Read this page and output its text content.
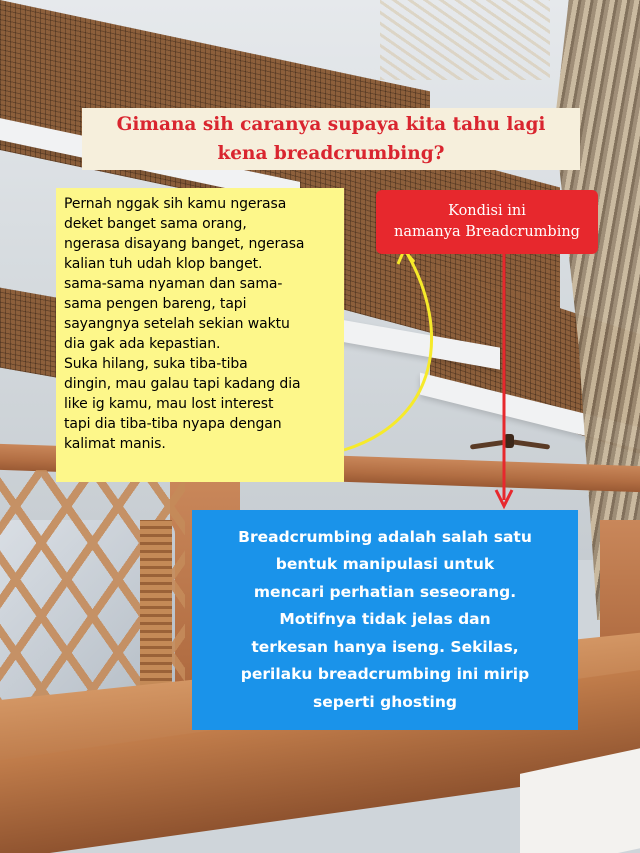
Gimana sih caranya supaya kita tahu lagi
kena breadcrumbing?

Pernah nggak sih kamu ngerasa
deket banget sama orang,
ngerasa disayang banget, ngerasa
kalian tuh udah klop banget.
sama-sama nyaman dan sama-
sama pengen bareng, tapi
sayangnya setelah sekian waktu
dia gak ada kepastian.
Suka hilang, suka tiba-tiba
dingin, mau galau tapi kadang dia
like ig kamu, mau lost interest
tapi dia tiba-tiba nyapa dengan
kalimat manis.

Kondisi ini
namanya Breadcrumbing

Breadcrumbing adalah salah satu
bentuk manipulasi untuk
mencari perhatian seseorang.
Motifnya tidak jelas dan
terkesan hanya iseng. Sekilas,
perilaku breadcrumbing ini mirip
seperti ghosting
